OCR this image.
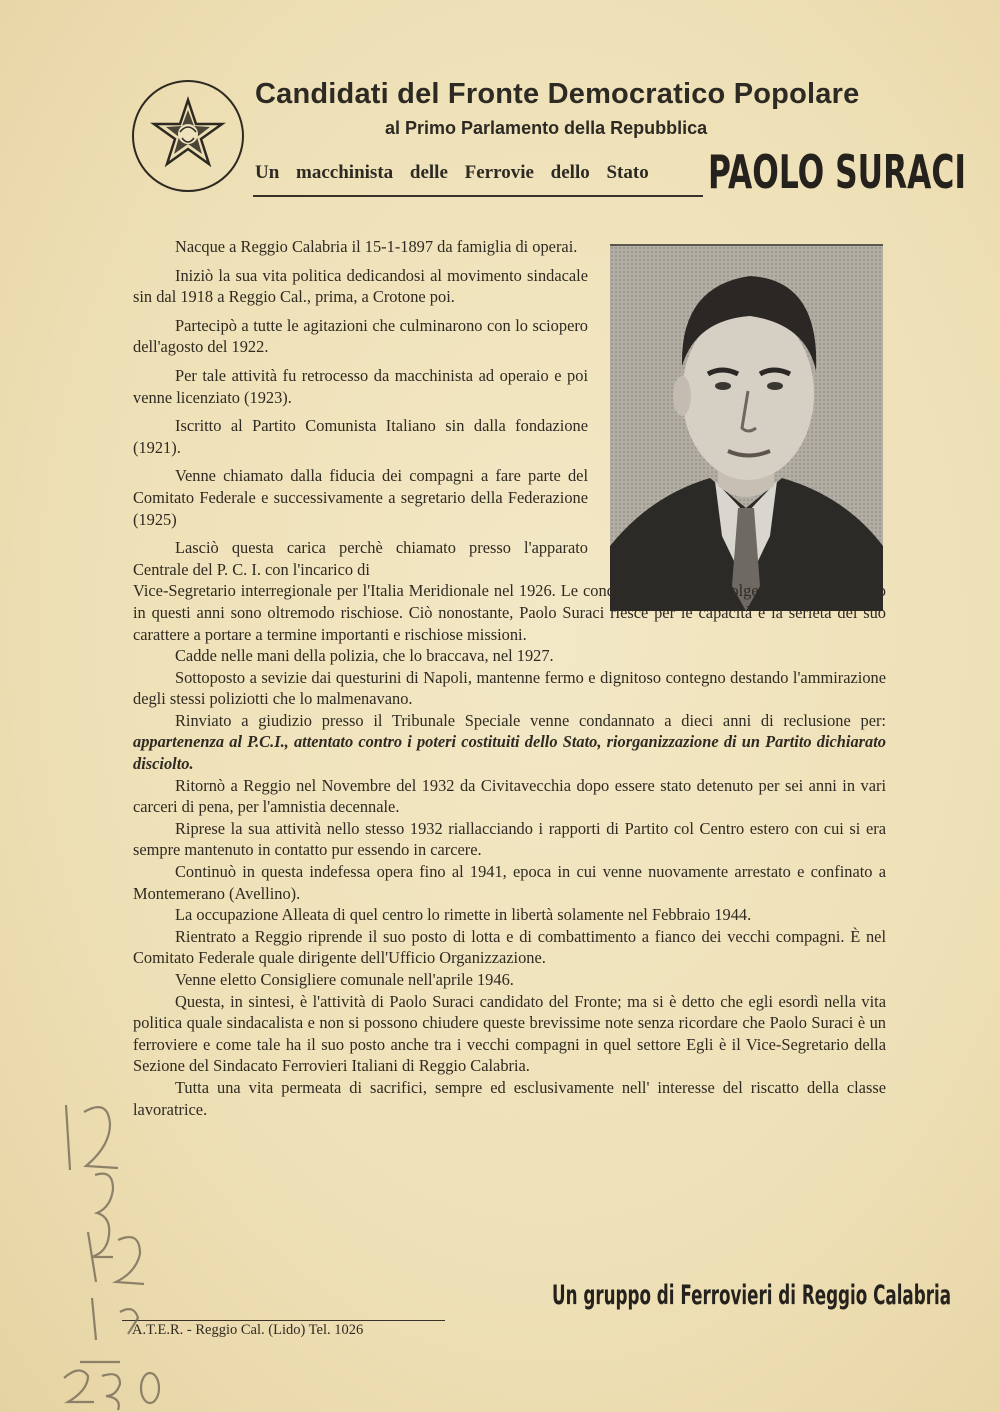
Candidati del Fronte Democratico Popolare
al Primo Parlamento della Repubblica
Un macchinista delle Ferrovie dello Stato PAOLO SURACI

Nacque a Reggio Calabria il 15-1-1897 da famiglia di operai.

Iniziò la sua vita politica dedicandosi al movimento sindacale sin dal 1918 a Reggio Cal., prima, a Crotone poi.

Partecipò a tutte le agitazioni che culminarono con lo sciopero dell'agosto del 1922.

Per tale attività fu retrocesso da macchinista ad operaio e poi venne licenziato (1923).

Iscritto al Partito Comunista Italiano sin dalla fondazione (1921).

Venne chiamato dalla fiducia dei compagni a fare parte del Comitato Federale e successivamente a segretario della Federazione (1925)

Lasciò questa carica perchè chiamato presso l'apparato Centrale del P. C. I. con l'incarico di

Vice-Segretario interregionale per l'Italia Meridionale nel 1926. Le condizioni in cui si svolge il lavoro di Partito in questi anni sono oltremodo rischiose. Ciò nonostante, Paolo Suraci riesce per le capacità e la serietà del suo carattere a portare a termine importanti e rischiose missioni.

Cadde nelle mani della polizia, che lo braccava, nel 1927.

Sottoposto a sevizie dai questurini di Napoli, mantenne fermo e dignitoso contegno destando l'ammirazione degli stessi poliziotti che lo malmenavano.

Rinviato a giudizio presso il Tribunale Speciale venne condannato a dieci anni di reclusione per: appartenenza al P.C.I., attentato contro i poteri costituiti dello Stato, riorganizzazione di un Partito dichiarato disciolto.

Ritornò a Reggio nel Novembre del 1932 da Civitavecchia dopo essere stato detenuto per sei anni in vari carceri di pena, per l'amnistia decennale.

Riprese la sua attività nello stesso 1932 riallacciando i rapporti di Partito col Centro estero con cui si era sempre mantenuto in contatto pur essendo in carcere.

Continuò in questa indefessa opera fino al 1941, epoca in cui venne nuovamente arrestato e confinato a Montemerano (Avellino).

La occupazione Alleata di quel centro lo rimette in libertà solamente nel Febbraio 1944.

Rientrato a Reggio riprende il suo posto di lotta e di combattimento a fianco dei vecchi compagni. È nel Comitato Federale quale dirigente dell'Ufficio Organizzazione.

Venne eletto Consigliere comunale nell'aprile 1946.

Questa, in sintesi, è l'attività di Paolo Suraci candidato del Fronte; ma si è detto che egli esordì nella vita politica quale sindacalista e non si possono chiudere queste brevissime note senza ricordare che Paolo Suraci è un ferroviere e come tale ha il suo posto anche tra i vecchi compagni in quel settore Egli è il Vice-Segretario della Sezione del Sindacato Ferrovieri Italiani di Reggio Calabria.

Tutta una vita permeata di sacrifici, sempre ed esclusivamente nell' interesse del riscatto della classe lavoratrice.

Un gruppo di Ferrovieri di Reggio Calabria
A.T.E.R. - Reggio Cal. (Lido) Tel. 1026
